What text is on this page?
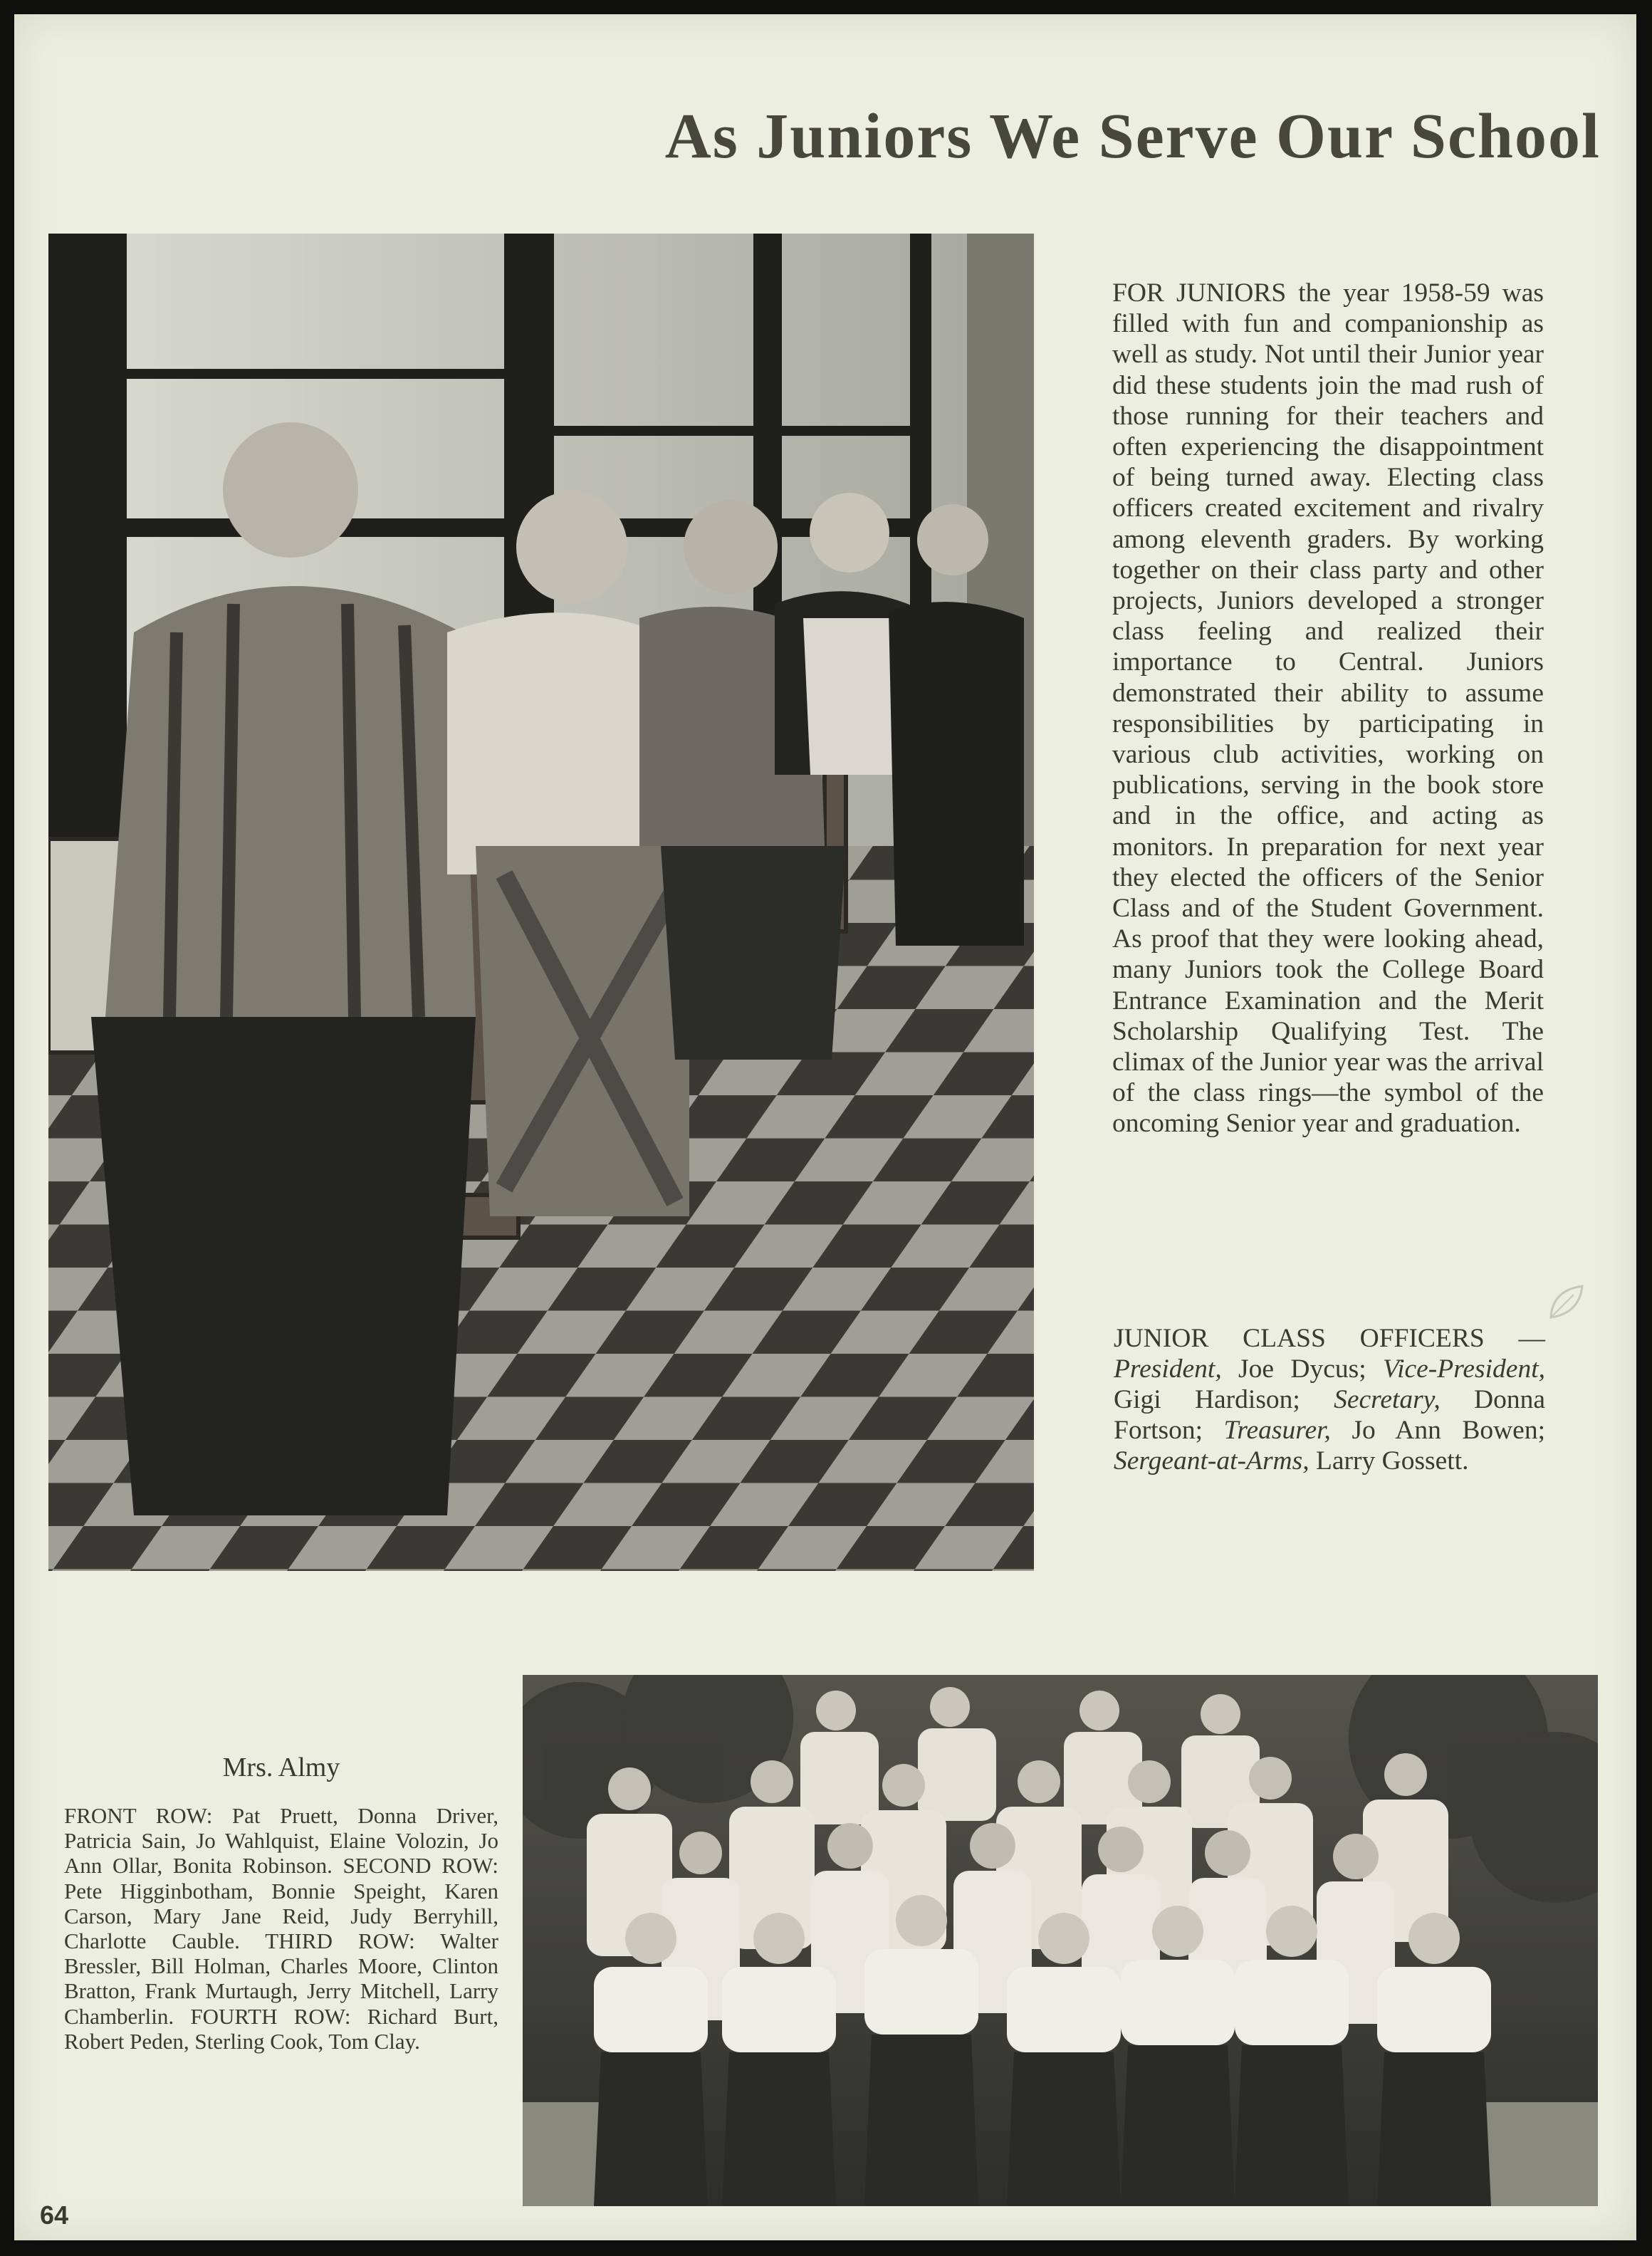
As Juniors We Serve Our School

FOR JUNIORS the year 1958-59 was filled with fun and companionship as well as study. Not until their Junior year did these students join the mad rush of those running for their teachers and often experiencing the disappointment of being turned away. Electing class officers created excitement and rivalry among eleventh graders. By working together on their class party and other projects, Juniors developed a stronger class feeling and realized their importance to Central. Juniors demonstrated their ability to assume responsibilities by participating in various club activities, working on publications, serving in the book store and in the office, and acting as monitors. In preparation for next year they elected the officers of the Senior Class and of the Student Government. As proof that they were looking ahead, many Juniors took the College Board Entrance Examination and the Merit Scholarship Qualifying Test. The climax of the Junior year was the arrival of the class rings—the symbol of the oncoming Senior year and graduation.

JUNIOR CLASS OFFICERS — President, Joe Dycus; Vice-President, Gigi Hardison; Secretary, Donna Fortson; Treasurer, Jo Ann Bowen; Sergeant-at-Arms, Larry Gossett.
Mrs. Almy

FRONT ROW: Pat Pruett, Donna Driver, Patricia Sain, Jo Wahlquist, Elaine Volozin, Jo Ann Ollar, Bonita Robinson. SECOND ROW: Pete Higginbotham, Bonnie Speight, Karen Carson, Mary Jane Reid, Judy Berryhill, Charlotte Cauble. THIRD ROW: Walter Bressler, Bill Holman, Charles Moore, Clinton Bratton, Frank Murtaugh, Jerry Mitchell, Larry Chamberlin. FOURTH ROW: Richard Burt, Robert Peden, Sterling Cook, Tom Clay.

64
